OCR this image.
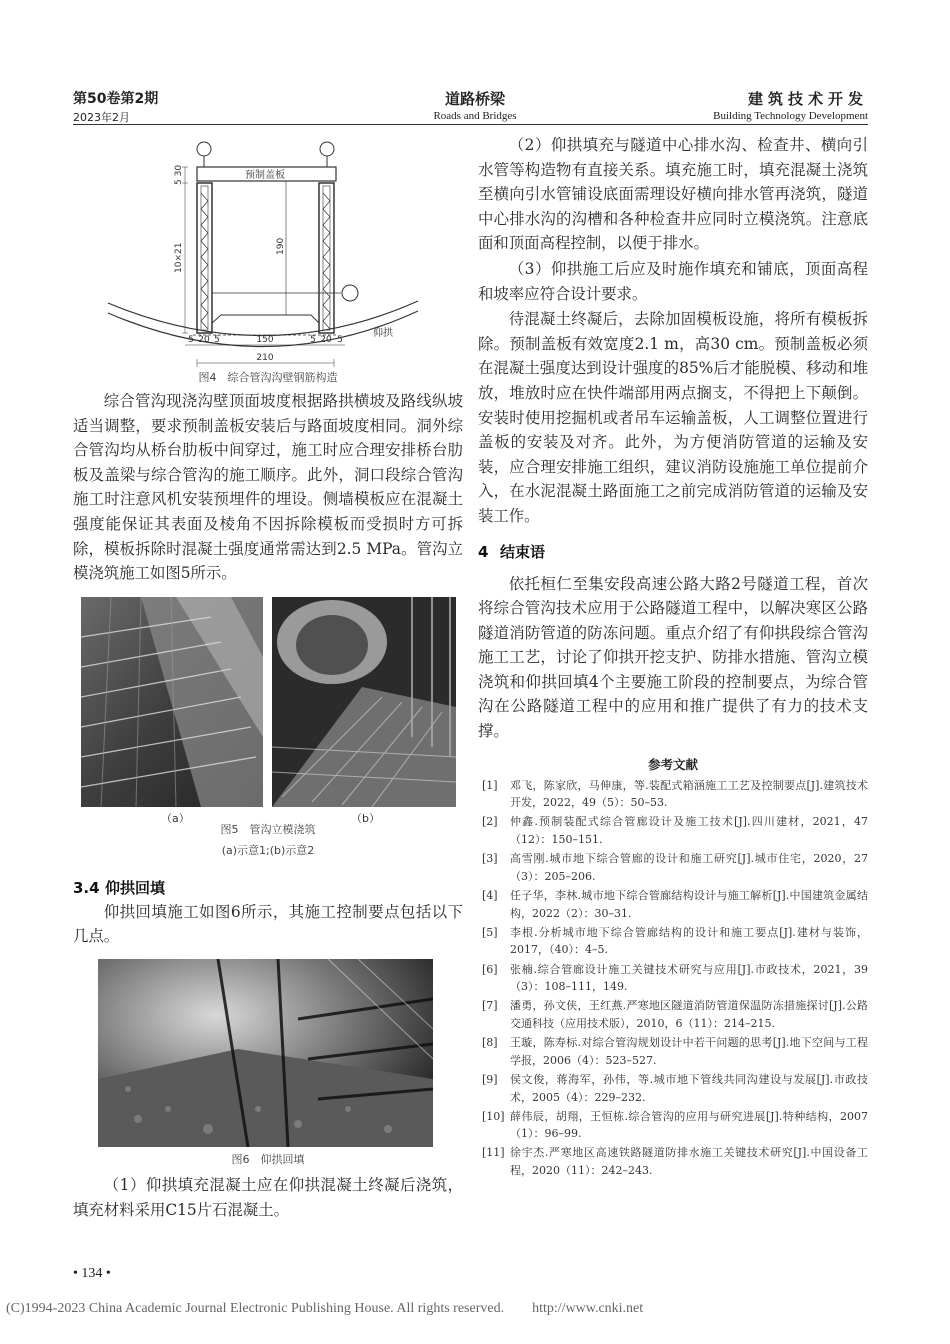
第50卷第2期
2023年2月
道路桥梁
Roads and Bridges
建筑技术开发
Building Technology Development
预制盖板
5 30
10×21	190
150
5 20 5	5 20 5
210
仰拱
图4　综合管沟沟壁钢筋构造

综合管沟现浇沟壁顶面坡度根据路拱横坡及路线纵坡适当调整，要求预制盖板安装后与路面坡度相同。洞外综合管沟均从桥台肋板中间穿过，施工时应合理安排桥台肋板及盖梁与综合管沟的施工顺序。此外，洞口段综合管沟施工时注意风机安装预埋件的埋设。侧墙模板应在混凝土强度能保证其表面及棱角不因拆除模板而受损时方可拆除，模板拆除时混凝土强度通常需达到2.5 MPa。管沟立模浇筑施工如图5所示。

（a）	（b）
图5　管沟立模浇筑
(a)示意1;(b)示意2
3.4 仰拱回填

仰拱回填施工如图6所示，其施工控制要点包括以下几点。

图6　仰拱回填

（1）仰拱填充混凝土应在仰拱混凝土终凝后浇筑，填充材料采用C15片石混凝土。

（2）仰拱填充与隧道中心排水沟、检查井、横向引水管等构造物有直接关系。填充施工时，填充混凝土浇筑至横向引水管铺设底面需理设好横向排水管再浇筑，隧道中心排水沟的沟槽和各种检查井应同时立模浇筑。注意底面和顶面高程控制，以便于排水。

（3）仰拱施工后应及时施作填充和铺底，顶面高程和坡率应符合设计要求。

待混凝土终凝后，去除加固模板设施，将所有模板拆除。预制盖板有效宽度2.1 m，高30 cm。预制盖板必须在混凝土强度达到设计强度的85%后才能脱模、移动和堆放，堆放时应在快件端部用两点搁支，不得把上下颠倒。安装时使用挖掘机或者吊车运输盖板，人工调整位置进行盖板的安装及对齐。此外，为方便消防管道的运输及安装，应合理安排施工组织，建议消防设施施工单位提前介入，在水泥混凝土路面施工之前完成消防管道的运输及安装工作。

4 结束语

依托桓仁至集安段高速公路大路2号隧道工程，首次将综合管沟技术应用于公路隧道工程中，以解决寒区公路隧道消防管道的防冻问题。重点介绍了有仰拱段综合管沟施工工艺，讨论了仰拱开挖支护、防排水措施、管沟立模浇筑和仰拱回填4个主要施工阶段的控制要点，为综合管沟在公路隧道工程中的应用和推广提供了有力的技术支撑。

参考文献
[1] 邓飞，陈家欣，马伸康，等.装配式箱涵施工工艺及控制要点[J].建筑技术开发，2022，49（5）：50–53.
[2] 仲鑫.预制装配式综合管廊设计及施工技术[J].四川建材，2021，47（12）：150–151.
[3] 高雪刚.城市地下综合管廊的设计和施工研究[J].城市住宅，2020，27（3）：205–206.
[4] 任子华，李林.城市地下综合管廊结构设计与施工解析[J].中国建筑金属结构，2022（2）：30–31.
[5] 李根.分析城市地下综合管廊结构的设计和施工要点[J].建材与装饰，2017，（40）：4–5.
[6] 张楠.综合管廊设计施工关键技术研究与应用[J].市政技术，2021，39（3）：108–111，149.
[7] 潘勇，孙文侠，王红燕.严寒地区隧道消防管道保温防冻措施探讨[J].公路交通科技（应用技术版），2010，6（11）：214–215.
[8] 王璇，陈寿标.对综合管沟规划设计中若干问题的思考[J].地下空间与工程学报，2006（4）：523–527.
[9] 侯文俊，蒋海军，孙伟，等.城市地下管线共同沟建设与发展[J].市政技术，2005（4）：229–232.
[10] 薛伟辰，胡翔，王恒栋.综合管沟的应用与研究进展[J].特种结构，2007（1）：96–99.
[11] 徐宇杰.严寒地区高速铁路隧道防排水施工关键技术研究[J].中国设备工程，2020（11）：242–243.
• 134 •
(C)1994-2023 China Academic Journal Electronic Publishing House. All rights reserved.　　http://www.cnki.net
